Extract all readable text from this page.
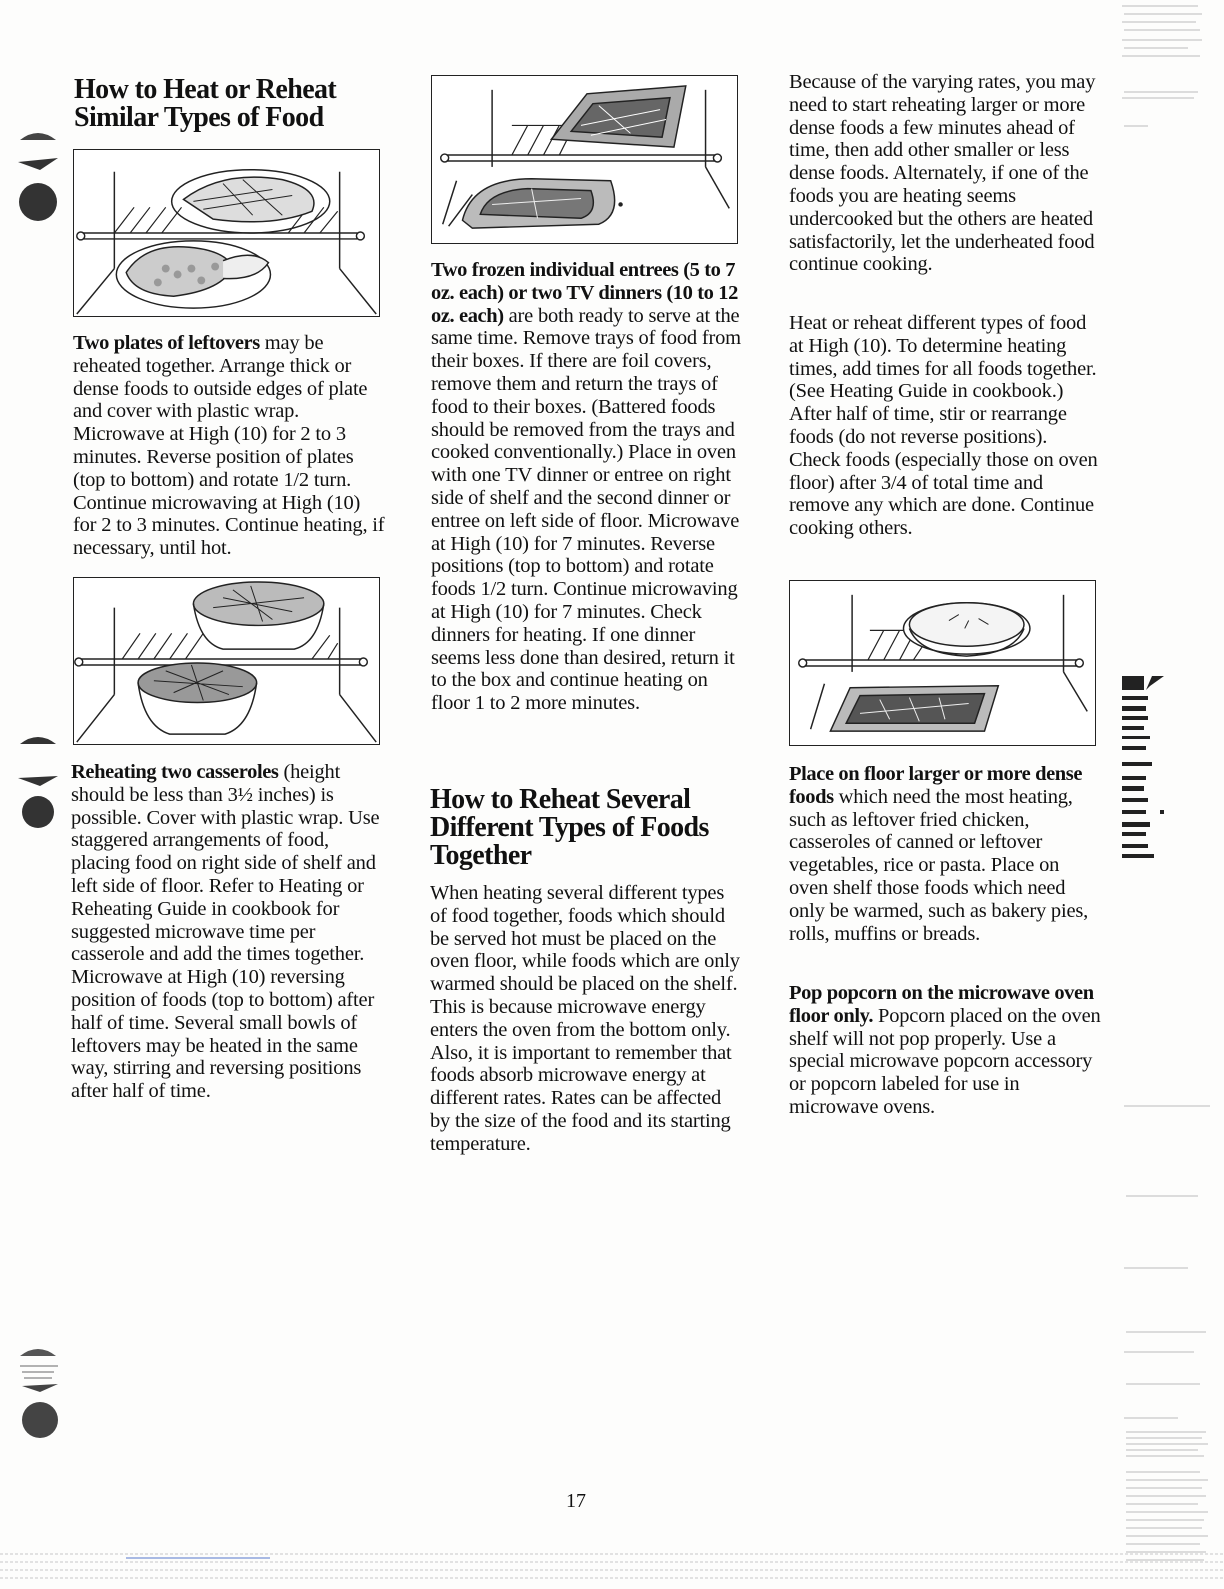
How to Heat or Reheat
Similar Types of Food

Two plates of leftovers may be reheated together. Arrange thick or dense foods to outside edges of plate and cover with plastic wrap. Microwave at High (10) for 2 to 3 minutes. Reverse position of plates (top to bottom) and rotate 1/2 turn. Continue microwaving at High (10) for 2 to 3 minutes. Continue heating, if necessary, until hot.

Reheating two casseroles (height should be less than 3½ inches) is possible. Cover with plastic wrap. Use staggered arrangements of food, placing food on right side of shelf and left side of floor. Refer to Heating or Reheating Guide in cookbook for suggested microwave time per casserole and add the times together. Microwave at High (10) reversing position of foods (top to bottom) after half of time. Several small bowls of leftovers may be heated in the same way, stirring and reversing positions after half of time.

Two frozen individual entrees (5 to 7 oz. each) or two TV dinners (10 to 12 oz. each) are both ready to serve at the same time. Remove trays of food from their boxes. If there are foil covers, remove them and return the trays of food to their boxes. (Battered foods should be removed from the trays and cooked conventionally.) Place in oven with one TV dinner or entree on right side of shelf and the second dinner or entree on left side of floor. Microwave at High (10) for 7 minutes. Reverse positions (top to bottom) and rotate foods 1/2 turn. Continue microwaving at High (10) for 7 minutes. Check dinners for heating. If one dinner seems less done than desired, return it to the box and continue heating on floor 1 to 2 more minutes.

How to Reheat Several
Different Types of Foods
Together

When heating several different types of food together, foods which should be served hot must be placed on the oven floor, while foods which are only warmed should be placed on the shelf. This is because microwave energy enters the oven from the bottom only. Also, it is important to remember that foods absorb microwave energy at different rates. Rates can be affected by the size of the food and its starting temperature.

Because of the varying rates, you may need to start reheating larger or more dense foods a few minutes ahead of time, then add other smaller or less dense foods. Alternately, if one of the foods you are heating seems undercooked but the others are heated satisfactorily, let the underheated food continue cooking.

Heat or reheat different types of food at High (10). To determine heating times, add times for all foods together. (See Heating Guide in cookbook.) After half of time, stir or rearrange foods (do not reverse positions). Check foods (especially those on oven floor) after 3/4 of total time and remove any which are done. Continue cooking others.

Place on floor larger or more dense foods which need the most heating, such as leftover fried chicken, casseroles of canned or leftover vegetables, rice or pasta. Place on oven shelf those foods which need only be warmed, such as bakery pies, rolls, muffins or breads.

Pop popcorn on the microwave oven floor only. Popcorn placed on the oven shelf will not pop properly. Use a special microwave popcorn accessory or popcorn labeled for use in microwave ovens.

17
